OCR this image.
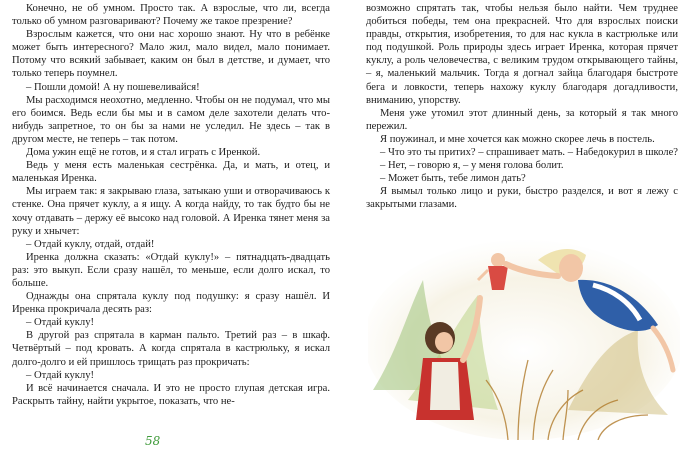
Конечно, не об умном. Просто так. А взрослые, что ли, всегда только об умном разговаривают? Почему же такое презрение?

Взрослым кажется, что они нас хорошо знают. Ну что в ребёнке может быть интересного? Мало жил, мало видел, мало понимает. Потому что всякий забывает, каким он был в детстве, и думает, что только теперь поумнел.

– Пошли домой! А ну пошевеливайся!

Мы расходимся неохотно, медленно. Чтобы он не подумал, что мы его боимся. Ведь если бы мы и в самом деле захотели делать что-нибудь запретное, то он бы за нами не уследил. Не здесь – так в другом месте, не теперь – так потом.

Дома ужин ещё не готов, и я стал играть с Иренкой.

Ведь у меня есть маленькая сестрёнка. Да, и мать, и отец, и маленькая Иренка.

Мы играем так: я закрываю глаза, затыкаю уши и отворачиваюсь к стенке. Она прячет куклу, а я ищу. А когда найду, то так будто бы не хочу отдавать – держу её высоко над головой. А Иренка тянет меня за руку и хнычет:

– Отдай куклу, отдай, отдай!

Иренка должна сказать: «Отдай куклу!» – пятнадцать-двадцать раз: это выкуп. Если сразу нашёл, то меньше, если долго искал, то больше.

Однажды она спрятала куклу под подушку: я сразу нашёл. И Иренка прокричала десять раз:

– Отдай куклу!

В другой раз спрятала в карман пальто. Третий раз – в шкаф. Четвёртый – под кровать. А когда спрятала в кастрюльку, я искал долго-долго и ей пришлось трищать раз прокричать:

– Отдай куклу!

И всё начинается сначала. И это не просто глупая детская игра. Раскрыть тайну, найти укрытое, показать, что не-

58

возможно спрятать так, чтобы нельзя было найти. Чем труднее добиться победы, тем она прекрасней. Что для взрослых поиски правды, открытия, изобретения, то для нас кукла в кастрюльке или под подушкой. Роль природы здесь играет Иренка, которая прячет куклу, а роль человечества, с великим трудом открывающего тайны, – я, маленький мальчик. Тогда я догнал зайца благодаря быстроте бега и ловкости, теперь нахожу куклу благодаря догадливости, вниманию, упорству.

Меня уже утомил этот длинный день, за который я так много пережил.

Я поужинал, и мне хочется как можно скорее лечь в постель.

– Что это ты притих? – спрашивает мать. – Набедокурил в школе?

– Нет, – говорю я, – у меня голова болит.

– Может быть, тебе лимон дать?

Я вымыл только лицо и руки, быстро разделся, и вот я лежу с закрытыми глазами.
